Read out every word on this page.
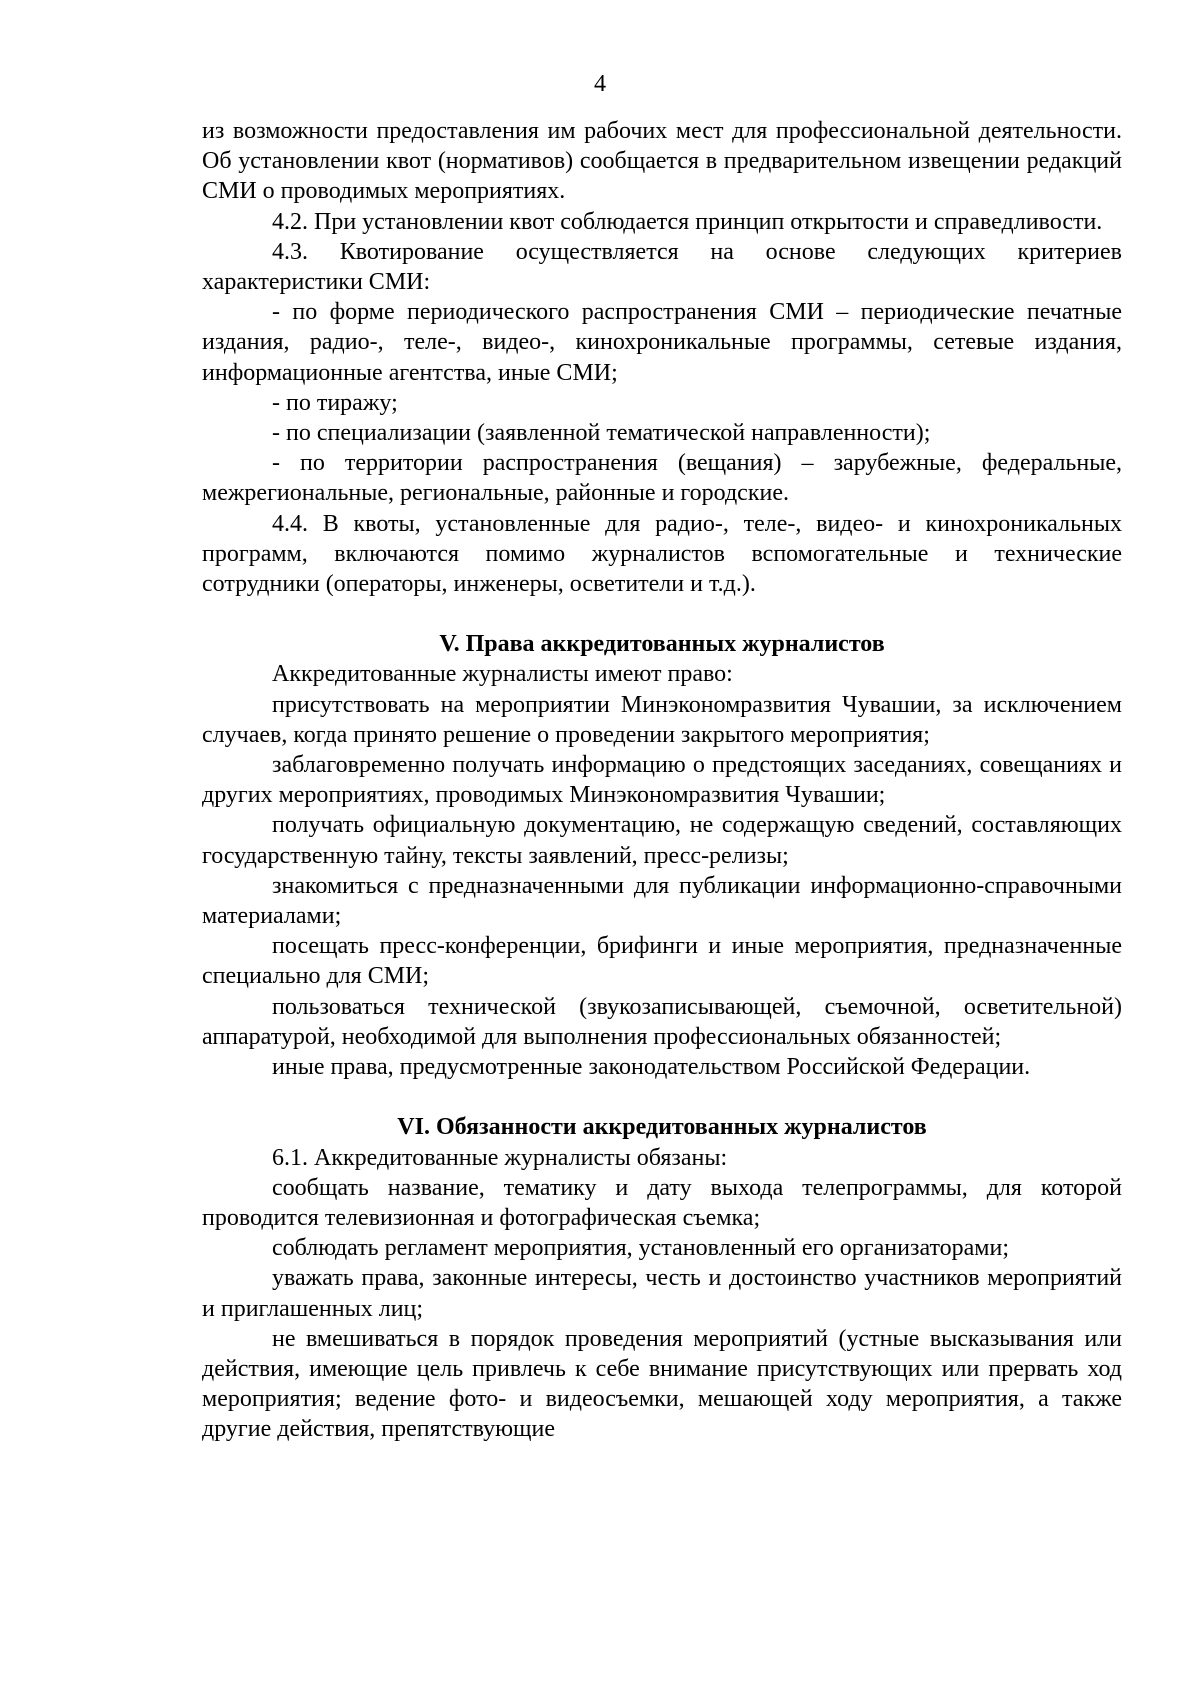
4

из возможности предоставления им рабочих мест для профессиональной деятельности. Об установлении квот (нормативов) сообщается в предварительном извещении редакций СМИ о проводимых мероприятиях.

4.2. При установлении квот соблюдается принцип открытости и справедливости.

4.3. Квотирование осуществляется на основе следующих критериев характеристики СМИ:

- по форме периодического распространения СМИ – периодические печатные издания, радио-, теле-, видео-, кинохроникальные программы, сетевые издания, информационные агентства, иные СМИ;

- по тиражу;

- по специализации (заявленной тематической направленности);

- по территории распространения (вещания) – зарубежные, федеральные, межрегиональные, региональные, районные и городские.

4.4. В квоты, установленные для радио-, теле-, видео- и кинохроникальных программ, включаются помимо журналистов вспомогательные и технические сотрудники (операторы, инженеры, осветители и т.д.).

V. Права аккредитованных журналистов

Аккредитованные журналисты имеют право:

присутствовать на мероприятии Минэкономразвития Чувашии, за исключением случаев, когда принято решение о проведении закрытого мероприятия;

заблаговременно получать информацию о предстоящих заседаниях, совещаниях и других мероприятиях, проводимых Минэкономразвития Чувашии;

получать официальную документацию, не содержащую сведений, составляющих государственную тайну, тексты заявлений, пресс-релизы;

знакомиться с предназначенными для публикации информационно-справочными материалами;

посещать пресс-конференции, брифинги и иные мероприятия, предназначенные специально для СМИ;

пользоваться технической (звукозаписывающей, съемочной, осветительной) аппаратурой, необходимой для выполнения профессиональных обязанностей;

иные права, предусмотренные законодательством Российской Федерации.

VI. Обязанности аккредитованных журналистов

6.1. Аккредитованные журналисты обязаны:

сообщать название, тематику и дату выхода телепрограммы, для которой проводится телевизионная и фотографическая съемка;

соблюдать регламент мероприятия, установленный его организаторами;

уважать права, законные интересы, честь и достоинство участников мероприятий и приглашенных лиц;

не вмешиваться в порядок проведения мероприятий (устные высказывания или действия, имеющие цель привлечь к себе внимание присутствующих или прервать ход мероприятия; ведение фото- и видеосъемки, мешающей ходу мероприятия, а также другие действия, препятствующие
